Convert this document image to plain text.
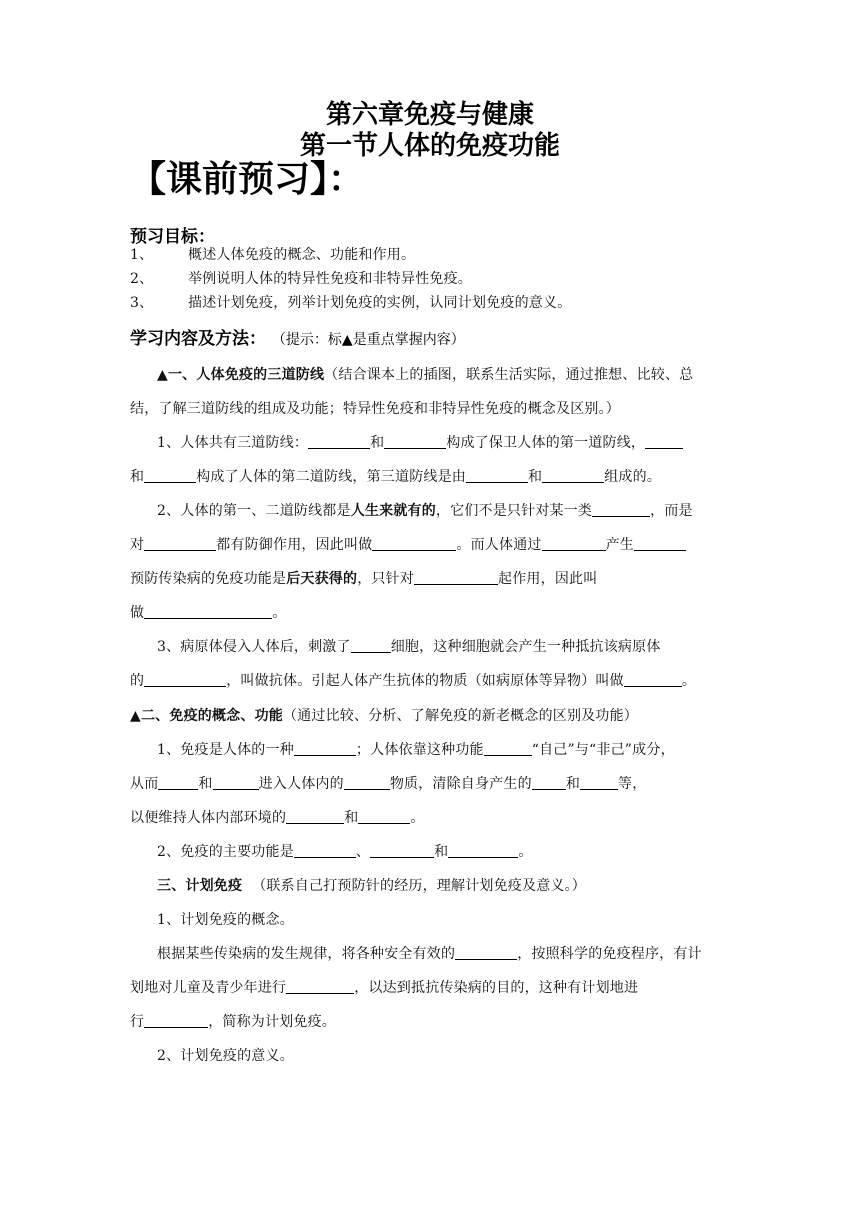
第六章免疫与健康
第一节人体的免疫功能
【课前预习】：
预习目标：
1、 概述人体免疫的概念、功能和作用。
2、 举例说明人体的特异性免疫和非特异性免疫。
3、 描述计划免疫，列举计划免疫的实例，认同计划免疫的意义。
学习内容及方法： （提示：标▲是重点掌握内容）
▲一、人体免疫的三道防线（结合课本上的插图，联系生活实际，通过推想、比较、总
结，了解三道防线的组成及功能；特异性免疫和非特异性免疫的概念及区别。）
1、人体共有三道防线：	和	构成了保卫人体的第一道防线，
和	构成了人体的第二道防线，第三道防线是由	和	组成的。
2、人体的第一、二道防线都是人生来就有的，它们不是只针对某一类	，而是
对	都有防御作用，因此叫做	。而人体通过	产生
预防传染病的免疫功能是后天获得的，只针对	起作用，因此叫
做	。
3、病原体侵入人体后，刺激了	细胞，这种细胞就会产生一种抵抗该病原体
的	，叫做抗体。引起人体产生抗体的物质（如病原体等异物）叫做	。
▲二、免疫的概念、功能（通过比较、分析、了解免疫的新老概念的区别及功能）
1、免疫是人体的一种	；人体依靠这种功能	“自己”与“非己”成分，
从而	和	进入人体内的	物质，清除自身产生的 和	等，
以便维持人体内部环境的	和	。
2、免疫的主要功能是	、	和	。
三、计划免疫 （联系自己打预防针的经历，理解计划免疫及意义。）
1、计划免疫的概念。
根据某些传染病的发生规律，将各种安全有效的	，按照科学的免疫程序，有计
划地对儿童及青少年进行	，以达到抵抗传染病的目的，这种有计划地进
行	，简称为计划免疫。
2、计划免疫的意义。
